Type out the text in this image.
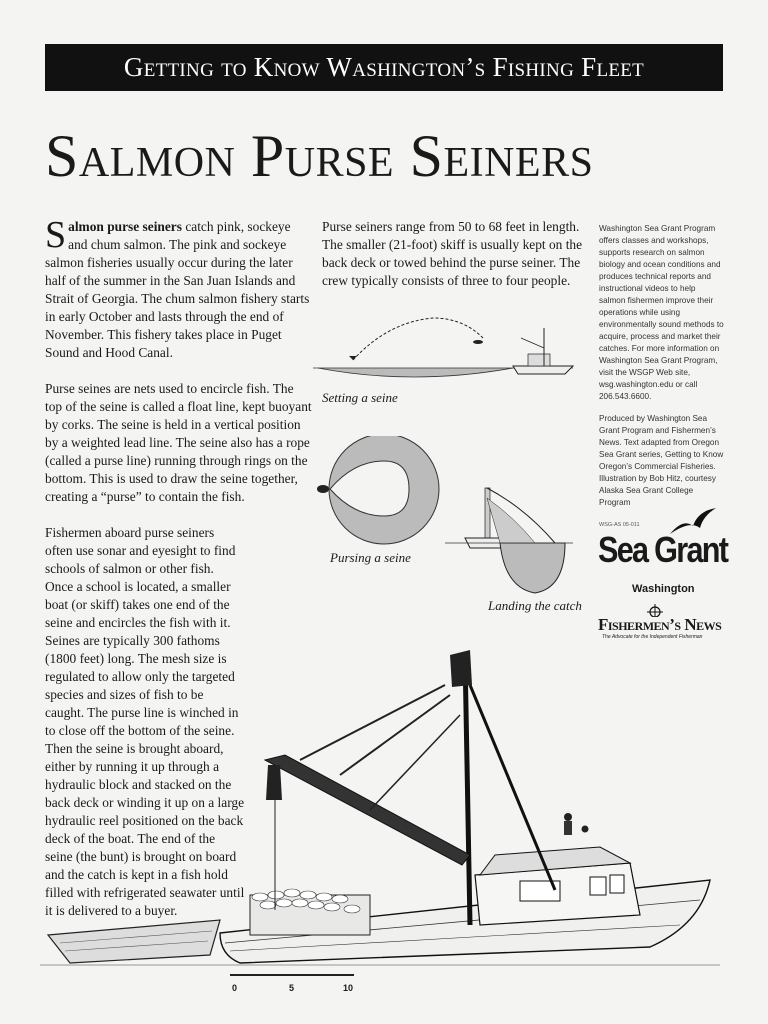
Getting to Know Washington’s Fishing Fleet
Salmon Purse Seiners

Salmon purse seiners catch pink, sockeye and chum salmon. The pink and sockeye salmon fisheries usually occur during the later half of the summer in the San Juan Islands and Strait of Georgia. The chum salmon fishery starts in early October and lasts through the end of November. This fishery takes place in Puget Sound and Hood Canal.

Purse seines are nets used to encircle fish. The top of the seine is called a float line, kept buoyant by corks. The seine is held in a vertical position by a weighted lead line. The seine also has a rope (called a purse line) running through rings on the bottom. This is used to draw the seine together, creating a “purse” to contain the fish.

Fishermen aboard purse seiners often use sonar and eyesight to find schools of salmon or other fish. Once a school is located, a smaller boat (or skiff) takes one end of the seine and encircles the fish with it. Seines are typically 300 fathoms (1800 feet) long. The mesh size is regulated to allow only the targeted species and sizes of fish to be caught. The purse line is winched in to close off the bottom of the seine. Then the seine is brought aboard, either by running it up through a hydraulic block and stacked on the back deck or winding it up on a large hydraulic reel positioned on the back deck of the boat. The end of the seine (the bunt) is brought on board and the catch is kept in a fish hold filled with refrigerated seawater until it is delivered to a buyer.

Purse seiners range from 50 to 68 feet in length. The smaller (21-foot) skiff is usually kept on the back deck or towed behind the purse seiner. The crew typically consists of three to four people.
Setting a seine
Pursing a seine
Landing the catch

Washington Sea Grant Program offers classes and workshops, supports research on salmon biology and ocean conditions and produces technical reports and instructional videos to help salmon fishermen improve their operations while using environmentally sound methods to acquire, process and market their catches. For more information on Washington Sea Grant Program, visit the WSGP Web site, wsg.washington.edu or call 206.543.6600.

Produced by Washington Sea Grant Program and Fishermen’s News. Text adapted from Oregon Sea Grant series, Getting to Know Oregon’s Commercial Fisheries. Illustration by Bob Hitz, courtesy Alaska Sea Grant College Program

WSG-AS 05-011
Sea Grant
Washington
Fishermen’s News
The Advocate for the Independent Fisherman
0	5	10
